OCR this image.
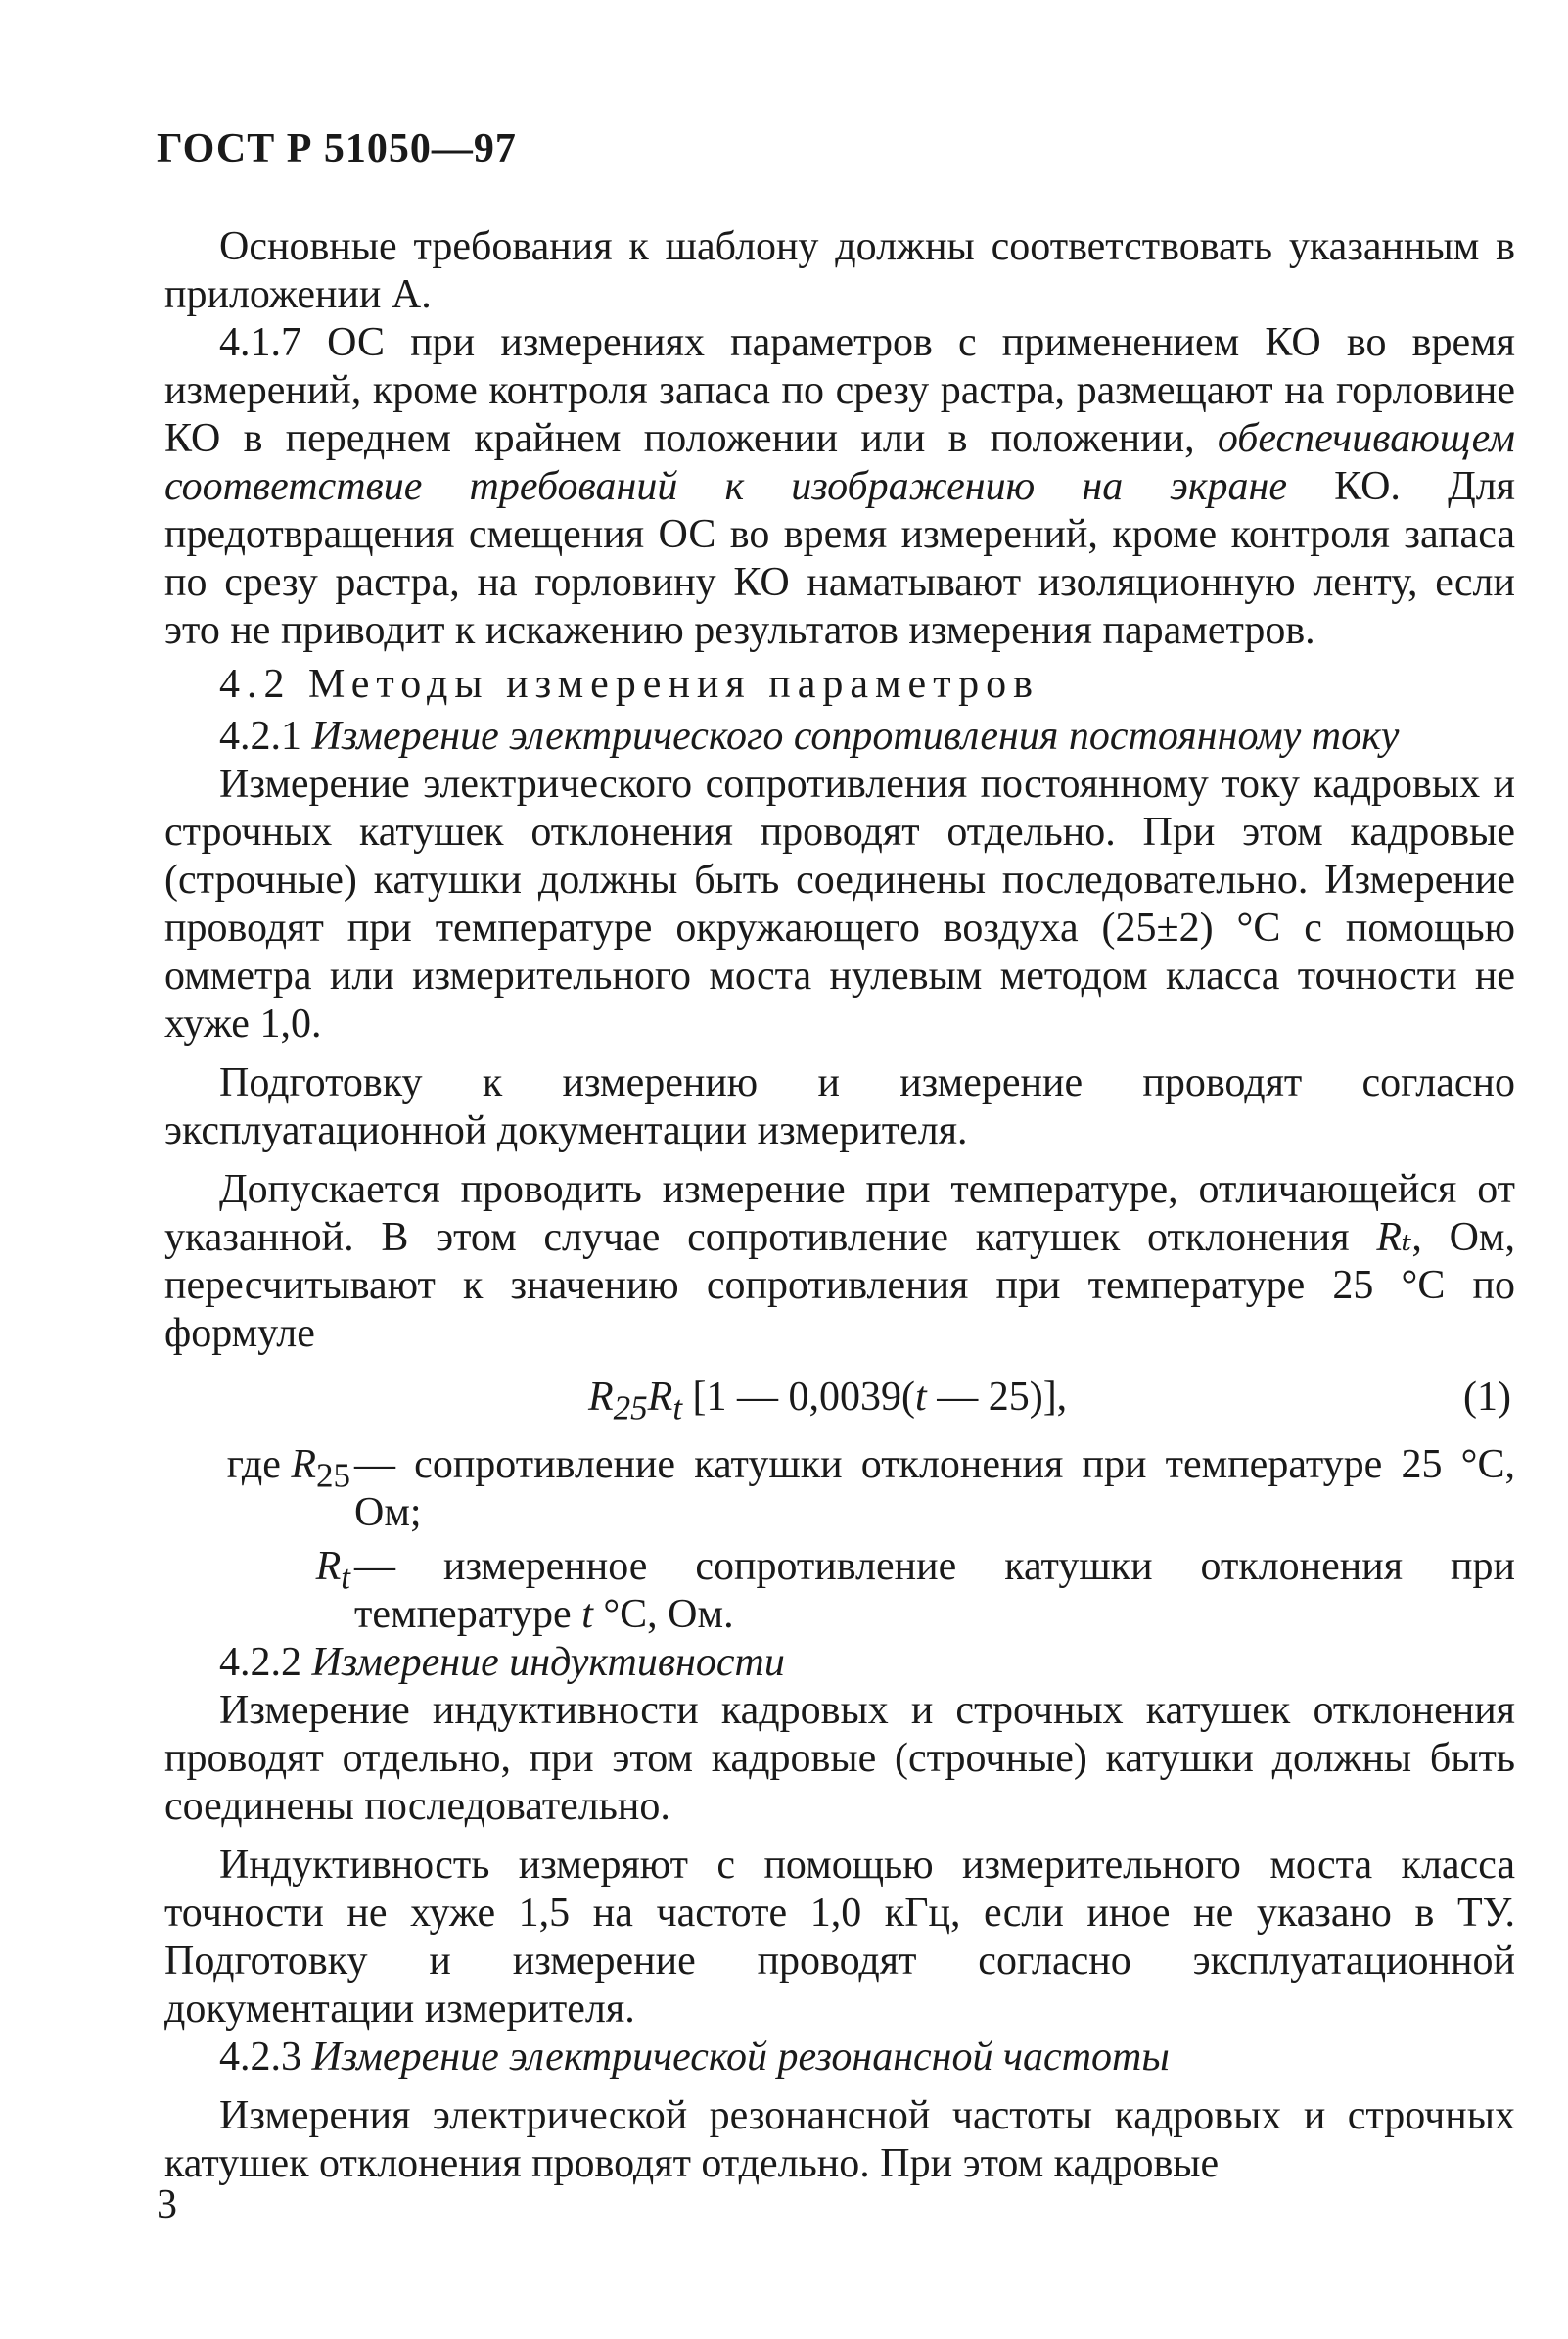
ГОСТ Р 51050—97

Основные требования к шаблону должны соответствовать указанным в приложении А.

4.1.7 ОС при измерениях параметров с применением КО во время измерений, кроме контроля запаса по срезу растра, размещают на горловине КО в переднем крайнем положении или в положении, обеспечивающем соответствие требований к изображению на экране КО. Для предотвращения смещения ОС во время измерений, кроме контроля запаса по срезу растра, на горловину КО наматывают изоляционную ленту, если это не приводит к искажению результатов измерения параметров.

4.2 Методы измерения параметров

4.2.1 Измерение электрического сопротивления постоянному току

Измерение электрического сопротивления постоянному току кадровых и строчных катушек отклонения проводят отдельно. При этом кадровые (строчные) катушки должны быть соединены последовательно. Измерение проводят при температуре окружающего воздуха (25±2) °С с помощью омметра или измерительного моста нулевым методом класса точности не хуже 1,0.

Подготовку к измерению и измерение проводят согласно эксплуатационной документации измерителя.

Допускается проводить измерение при температуре, отличающейся от указанной. В этом случае сопротивление катушек отклонения Rₜ, Ом, пересчитывают к значению сопротивления при температуре 25 °С по формуле

$R_{25}R_t$ [1 — 0,0039(t — 25)],	(1)
где $R_{25}$ — сопротивление катушки отклонения при температуре 25 °С, Ом;
$R_t$ — измеренное сопротивление катушки отклонения при температуре t °С, Ом.

4.2.2 Измерение индуктивности

Измерение индуктивности кадровых и строчных катушек отклонения проводят отдельно, при этом кадровые (строчные) катушки должны быть соединены последовательно.

Индуктивность измеряют с помощью измерительного моста класса точности не хуже 1,5 на частоте 1,0 кГц, если иное не указано в ТУ. Подготовку и измерение проводят согласно эксплуатационной документации измерителя.

4.2.3 Измерение электрической резонансной частоты

Измерения электрической резонансной частоты кадровых и строчных катушек отклонения проводят отдельно. При этом кадровые

3
